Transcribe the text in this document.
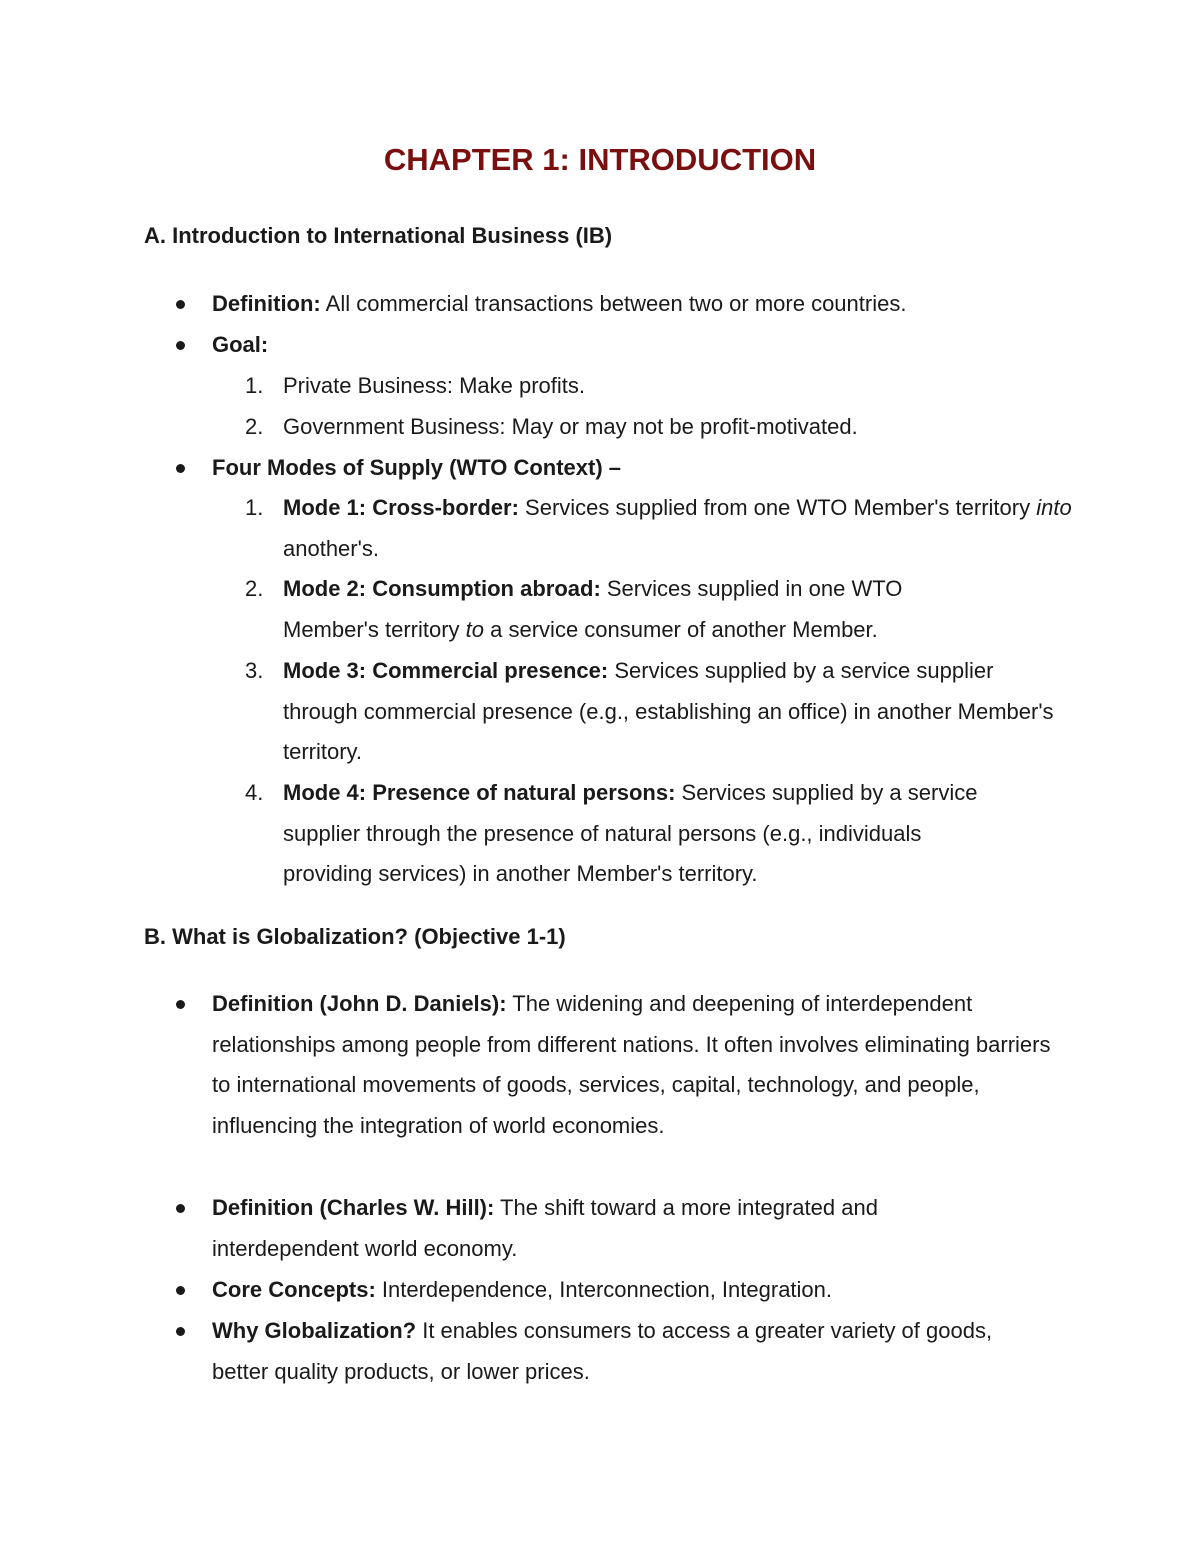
CHAPTER 1: INTRODUCTION
A. Introduction to International Business (IB)
Definition: All commercial transactions between two or more countries.
Goal:
1. Private Business: Make profits.
2. Government Business: May or may not be profit-motivated.
Four Modes of Supply (WTO Context) –
1. Mode 1: Cross-border: Services supplied from one WTO Member's territory into another's.
2. Mode 2: Consumption abroad: Services supplied in one WTO Member's territory to a service consumer of another Member.
3. Mode 3: Commercial presence: Services supplied by a service supplier through commercial presence (e.g., establishing an office) in another Member's territory.
4. Mode 4: Presence of natural persons: Services supplied by a service supplier through the presence of natural persons (e.g., individuals providing services) in another Member's territory.
B. What is Globalization? (Objective 1-1)
Definition (John D. Daniels): The widening and deepening of interdependent relationships among people from different nations. It often involves eliminating barriers to international movements of goods, services, capital, technology, and people, influencing the integration of world economies.
Definition (Charles W. Hill): The shift toward a more integrated and interdependent world economy.
Core Concepts: Interdependence, Interconnection, Integration.
Why Globalization? It enables consumers to access a greater variety of goods, better quality products, or lower prices.
